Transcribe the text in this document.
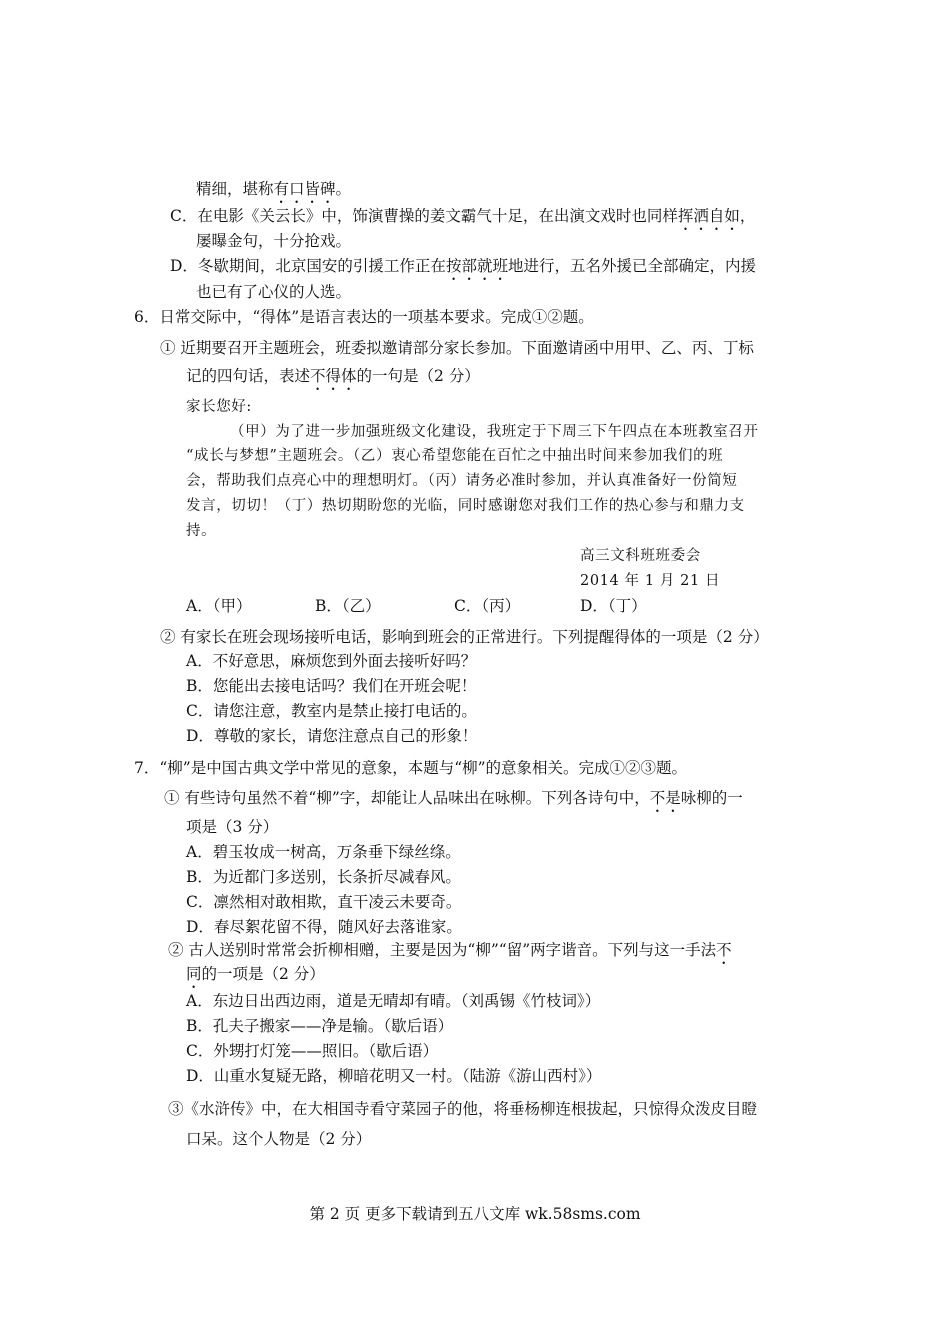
精细，堪称有口皆碑。
C．在电影《关云长》中，饰演曹操的姜文霸气十足，在出演文戏时也同样挥洒自如，
屡曝金句，十分抢戏。
D．冬歇期间，北京国安的引援工作正在按部就班地进行，五名外援已全部确定，内援
也已有了心仪的人选。
6．日常交际中，“得体”是语言表达的一项基本要求。完成①②题。
① 近期要召开主题班会，班委拟邀请部分家长参加。下面邀请函中用甲、乙、丙、丁标
记的四句话，表述不得体的一句是（2 分）
家长您好:
（甲）为了进一步加强班级文化建设，我班定于下周三下午四点在本班教室召开
“成长与梦想”主题班会。（乙）衷心希望您能在百忙之中抽出时间来参加我们的班
会，帮助我们点亮心中的理想明灯。（丙）请务必准时参加，并认真准备好一份简短
发言，切切！（丁）热切期盼您的光临，同时感谢您对我们工作的热心参与和鼎力支
持。
高三文科班班委会
2014 年 1 月 21 日
A．（甲）	B．（乙）	C．（丙）	D．（丁）
② 有家长在班会现场接听电话，影响到班会的正常进行。下列提醒得体的一项是（2 分）
A．不好意思，麻烦您到外面去接听好吗？
B．您能出去接电话吗？我们在开班会呢！
C．请您注意，教室内是禁止接打电话的。
D．尊敬的家长，请您注意点自己的形象！
7．“柳”是中国古典文学中常见的意象，本题与“柳”的意象相关。完成①②③题。
① 有些诗句虽然不着“柳”字，却能让人品味出在咏柳。下列各诗句中，不是咏柳的一
项是（3 分）
A．碧玉妆成一树高，万条垂下绿丝绦。
B．为近都门多送别，长条折尽减春风。
C．凛然相对敢相欺，直干凌云未要奇。
D．春尽絮花留不得，随风好去落谁家。
② 古人送别时常常会折柳相赠，主要是因为“柳”“留”两字谐音。下列与这一手法不
同的一项是（2 分）
A．东边日出西边雨，道是无晴却有晴。（刘禹锡《竹枝词》）
B．孔夫子搬家——净是输。（歇后语）
C．外甥打灯笼——照旧。（歇后语）
D．山重水复疑无路，柳暗花明又一村。（陆游《游山西村》）
③《水浒传》中，在大相国寺看守菜园子的他，将垂杨柳连根拔起，只惊得众泼皮目瞪
口呆。这个人物是（2 分）
第 2 页 更多下载请到五八文库 wk.58sms.com
